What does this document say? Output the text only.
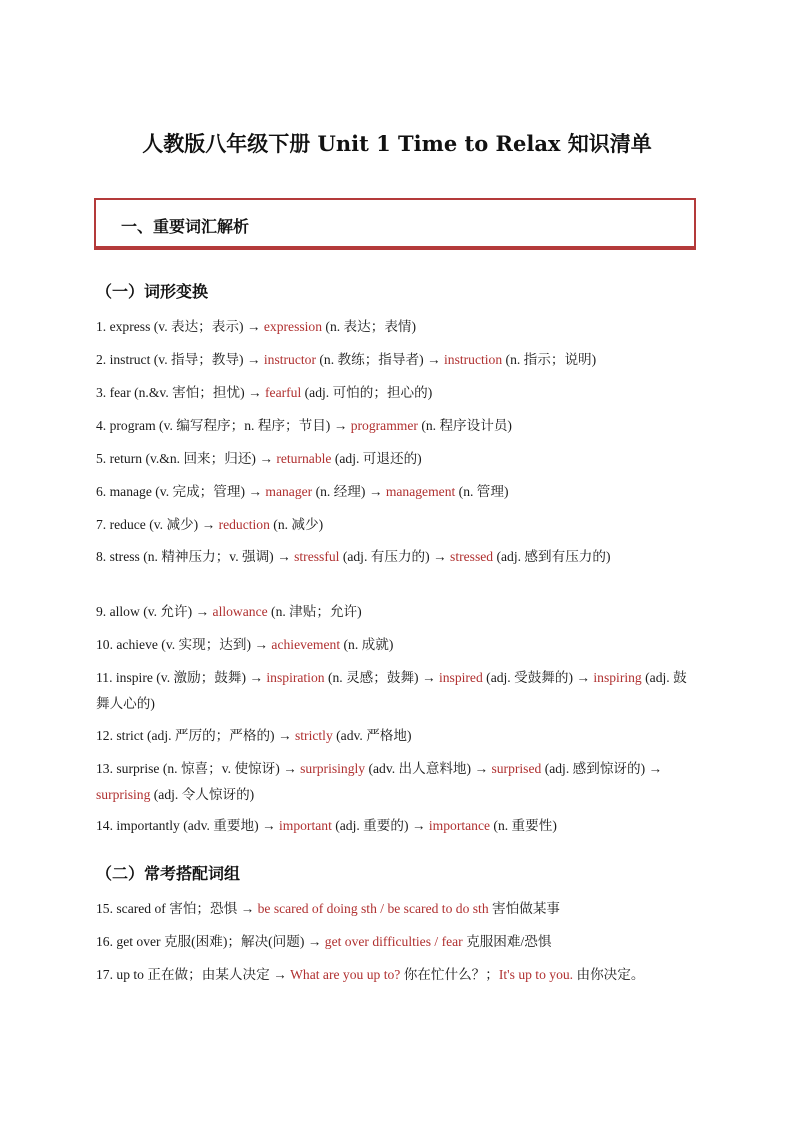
人教版八年级下册 Unit 1 Time to Relax 知识清单
一、重要词汇解析
（一）词形变换
1. express (v. 表达；表示) → expression (n. 表达；表情)
2. instruct (v. 指导；教导) → instructor (n. 教练；指导者) → instruction (n. 指示；说明)
3. fear (n.&v. 害怕；担忧) → fearful (adj. 可怕的；担心的)
4. program (v. 编写程序；n. 程序；节目) → programmer (n. 程序设计员)
5. return (v.&n. 回来；归还) → returnable (adj. 可退还的)
6. manage (v. 完成；管理) → manager (n. 经理) → management (n. 管理)
7. reduce (v. 减少) → reduction (n. 减少)
8. stress (n. 精神压力；v. 强调) → stressful (adj. 有压力的) → stressed (adj. 感到有压力的)
9. allow (v. 允许) → allowance (n. 津贴；允许)
10. achieve (v. 实现；达到) → achievement (n. 成就)
11. inspire (v. 激励；鼓舞) → inspiration (n. 灵感；鼓舞) → inspired (adj. 受鼓舞的) → inspiring (adj. 鼓舞人心的)
12. strict (adj. 严厉的；严格的) → strictly (adv. 严格地)
13. surprise (n. 惊喜；v. 使惊讶) → surprisingly (adv. 出人意料地) → surprised (adj. 感到惊讶的) → surprising (adj. 令人惊讶的)
14. importantly (adv. 重要地) → important (adj. 重要的) → importance (n. 重要性)
（二）常考搭配词组
15. scared of 害怕；恐惧 → be scared of doing sth / be scared to do sth 害怕做某事
16. get over 克服(困难)；解决(问题) → get over difficulties / fear 克服困难/恐惧
17. up to 正在做；由某人决定 → What are you up to? 你在忙什么？；It's up to you. 由你决定。
